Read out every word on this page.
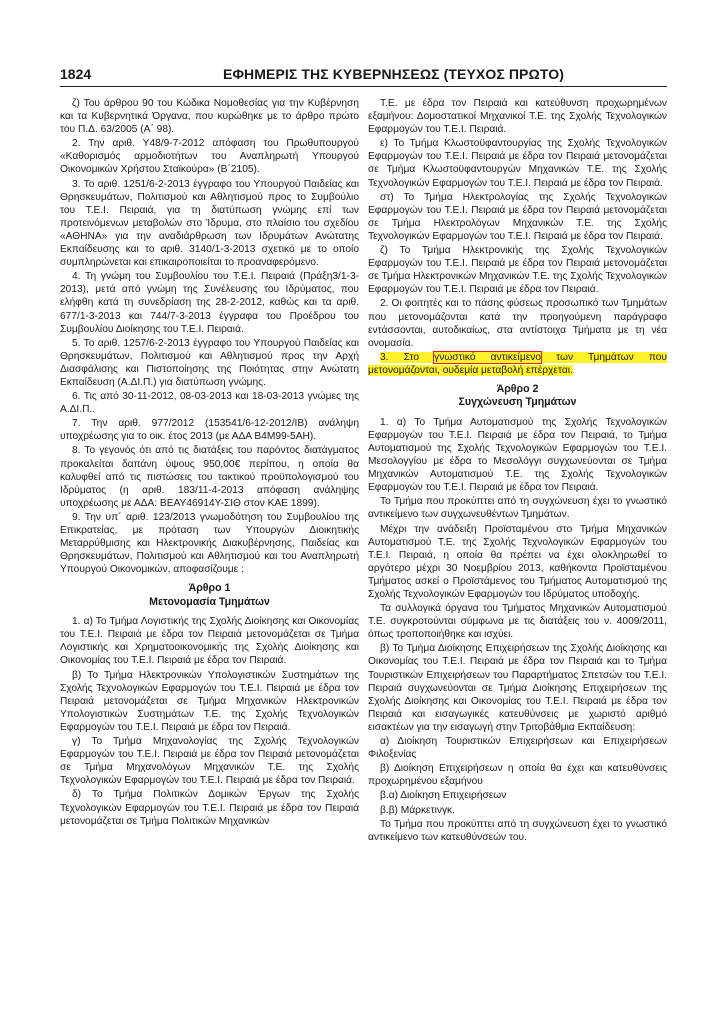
1824	ΕΦΗΜΕΡΙΣ ΤΗΣ ΚΥΒΕΡΝΗΣΕΩΣ (ΤΕΥΧΟΣ ΠΡΩΤΟ)

ζ) Του άρθρου 90 του Κώδικα Νομοθεσίας για την Κυβέρνηση και τα Κυβερνητικά Όργανα, που κυρώθηκε με το άρθρο πρώτο του Π.Δ. 63/2005 (Α΄ 98).

2. Την αριθ. Υ48/9-7-2012 απόφαση του Πρωθυπουργού «Καθορισμός αρμοδιοτήτων του Αναπληρωτή Υπουργού Οικονομικών Χρήστου Σταϊκούρα» (Β΄2105).

3. Το αριθ. 1251/6-2-2013 έγγραφο του Υπουργού Παιδείας και Θρησκευμάτων, Πολιτισμού και Αθλητισμού προς το Συμβούλιο του Τ.Ε.Ι. Πειραιά, για τη διατύπωση γνώμης επί των προτεινόμενων μεταβολών στο Ίδρυμα, στο πλαίσιο του σχεδίου «ΑΘΗΝΑ» για την αναδιάρθρωση των Ιδρυμάτων Ανώτατης Εκπαίδευσης και το αριθ. 3140/1-3-2013 σχετικό με το οποίο συμπληρώνεται και επικαιροποιείται το προαναφερόμενο.

4. Τη γνώμη του Συμβουλίου του Τ.Ε.Ι. Πειραιά (Πράξη3/1-3-2013), μετά από γνώμη της Συνέλευσης του Ιδρύματος, που ελήφθη κατά τη συνεδρίαση της 28-2-2012, καθώς και τα αριθ. 677/1-3-2013 και 744/7-3-2013 έγγραφα του Προέδρου του Συμβουλίου Διοίκησης του Τ.Ε.Ι. Πειραιά.

5. Το αριθ. 1257/6-2-2013 έγγραφο του Υπουργού Παιδείας και Θρησκευμάτων, Πολιτισμού και Αθλητισμού προς την Αρχή Διασφάλισης και Πιστοποίησης της Ποιότητας στην Ανώτατη Εκπαίδευση (Α.ΔΙ.Π.) για διατύπωση γνώμης.

6. Τις από 30-11-2012, 08-03-2013 και 18-03-2013 γνώμες της Α.ΔΙ.Π..

7. Την αριθ. 977/2012 (153541/6-12-2012/ΙΒ) ανάληψη υποχρέωσης για το οικ. έτος 2013 (με ΑΔΑ Β4Μ99-5ΑΗ).

8. Το γεγονός ότι από τις διατάξεις του παρόντος διατάγματος προκαλείται δαπάνη ύψους 950,00€ περίπου, η οποία θα καλυφθεί από τις πιστώσεις του τακτικού προϋπολογισμού του Ιδρύματος (η αριθ. 183/11-4-2013 απόφαση ανάληψης υποχρέωσης με ΑΔΑ: ΒΕΑΥ46914Υ-ΣΙΘ στον ΚΑΕ 1899).

9. Την υπ΄ αριθ. 123/2013 γνωμοδότηση του Συμβουλίου της Επικρατείας, με πρόταση των Υπουργών Διοικητικής Μεταρρύθμισης και Ηλεκτρονικής Διακυβέρνησης, Παιδείας και Θρησκευμάτων, Πολιτισμού και Αθλητισμού και του Αναπληρωτή Υπουργού Οικονομικών, αποφασίζουμε :

Άρθρο 1
Μετονομασία Τμημάτων

1. α) Το Τμήμα Λογιστικής της Σχολής Διοίκησης και Οικονομίας του Τ.Ε.Ι. Πειραιά με έδρα τον Πειραιά μετονομάζεται σε Τμήμα Λογιστικής και Χρηματοοικονομικής της Σχολής Διοίκησης και Οικονομίας του Τ.Ε.Ι. Πειραιά με έδρα τον Πειραιά.

β) Το Τμήμα Ηλεκτρονικών Υπολογιστικών Συστημάτων της Σχολής Τεχνολογικών Εφαρμογών του Τ.Ε.Ι. Πειραιά με έδρα τον Πειραιά μετονομάζεται σε Τμήμα Μηχανικών Ηλεκτρονικών Υπολογιστικών Συστημάτων Τ.Ε. της Σχολής Τεχνολογικών Εφαρμογών του Τ.Ε.Ι. Πειραιά με έδρα τον Πειραιά.

γ) Το Τμήμα Μηχανολογίας της Σχολής Τεχνολογικών Εφαρμογών του Τ.Ε.Ι. Πειραιά με έδρα τον Πειραιά μετονομάζεται σε Τμήμα Μηχανολόγων Μηχανικών Τ.Ε. της Σχολής Τεχνολογικών Εφαρμογών του Τ.Ε.Ι. Πειραιά με έδρα τον Πειραιά.

δ) Το Τμήμα Πολιτικών Δομικών Έργων της Σχολής Τεχνολογικών Εφαρμογών του Τ.Ε.Ι. Πειραιά με έδρα τον Πειραιά μετονομάζεται σε Τμήμα Πολιτικών Μηχανικών

Τ.Ε. με έδρα τον Πειραιά και κατεύθυνση προχωρημένων εξαμήνου: Δομοστατικοί Μηχανικοί Τ.Ε. της Σχολής Τεχνολογικών Εφαρμογών του Τ.Ε.Ι. Πειραιά.

ε) Το Τμήμα Κλωστοϋφαντουργίας της Σχολής Τεχνολογικών Εφαρμογών του Τ.Ε.Ι. Πειραιά με έδρα τον Πειραιά μετονομάζεται σε Τμήμα Κλωστοϋφαντουργών Μηχανικών Τ.Ε. της Σχολής Τεχνολογικών Εφαρμογών του Τ.Ε.Ι. Πειραιά με έδρα τον Πειραιά.

στ) Το Τμήμα Ηλεκτρολογίας της Σχολής Τεχνολογικών Εφαρμογών του Τ.Ε.Ι. Πειραιά με έδρα τον Πειραιά μετονομάζεται σε Τμήμα Ηλεκτρολόγων Μηχανικών Τ.Ε. της Σχολής Τεχνολογικών Εφαρμογών του Τ.Ε.Ι. Πειραιά με έδρα τον Πειραιά.

ζ) Το Τμήμα Ηλεκτρονικής της Σχολής Τεχνολογικών Εφαρμογών του Τ.Ε.Ι. Πειραιά με έδρα τον Πειραιά μετονομάζεται σε Τμήμα Ηλεκτρονικών Μηχανικών Τ.Ε. της Σχολής Τεχνολογικών Εφαρμογών του Τ.Ε.Ι. Πειραιά με έδρα τον Πειραιά.

2. Οι φοιτητές και το πάσης φύσεως προσωπικό των Τμημάτων που μετονομάζονται κατά την προηγούμενη παράγραφο εντάσσονται, αυτοδικαίως, στα αντίστοιχα Τμήματα με τη νέα ονομασία.

3. Στο γνωστικό αντικείμενο των Τμημάτων που μετονομάζονται, ουδεμία μεταβολή επέρχεται.

Άρθρο 2
Συγχώνευση Τμημάτων

1. α) Το Τμήμα Αυτοματισμού της Σχολής Τεχνολογικών Εφαρμογών του Τ.Ε.Ι. Πειραιά με έδρα τον Πειραιά, το Τμήμα Αυτοματισμού της Σχολής Τεχνολογικών Εφαρμογών του Τ.Ε.Ι. Μεσολογγίου με έδρα το Μεσολόγγι συγχωνεύονται σε Τμήμα Μηχανικών Αυτοματισμού Τ.Ε. της Σχολής Τεχνολογικών Εφαρμογών του Τ.Ε.Ι. Πειραιά με έδρα τον Πειραιά.

Το Τμήμα που προκύπτει από τη συγχώνευση έχει το γνωστικό αντικείμενο των συγχωνευθέντων Τμημάτων.

Μέχρι την ανάδειξη Προϊσταμένου στο Τμήμα Μηχανικών Αυτοματισμού Τ.Ε. της Σχολής Τεχνολογικών Εφαρμογών του Τ.Ε.Ι. Πειραιά, η οποία θα πρέπει να έχει ολοκληρωθεί το αργότερο μέχρι 30 Νοεμβρίου 2013, καθήκοντα Προϊσταμένου Τμήματος ασκεί ο Προϊστάμενος του Τμήματος Αυτοματισμού της Σχολής Τεχνολογικών Εφαρμογών του Ιδρύματος υποδοχής.

Τα συλλογικά όργανα του Τμήματος Μηχανικών Αυτοματισμού Τ.Ε. συγκροτούνται σύμφωνα με τις διατάξεις του ν. 4009/2011, όπως τροποποιήθηκε και ισχύει.

β) Το Τμήμα Διοίκησης Επιχειρήσεων της Σχολής Διοίκησης και Οικονομίας του Τ.Ε.Ι. Πειραιά με έδρα τον Πειραιά και το Τμήμα Τουριστικών Επιχειρήσεων του Παραρτήματος Σπετσών του Τ.Ε.Ι. Πειραιά συγχωνεύονται σε Τμήμα Διοίκησης Επιχειρήσεων της Σχολής Διοίκησης και Οικονομίας του Τ.Ε.Ι. Πειραιά με έδρα τον Πειραιά και εισαγωγικές κατευθύνσεις με χωριστό αριθμό εισακτέων για την εισαγωγή στην Τριτοβάθμια Εκπαίδευση:

α) Διοίκηση Τουριστικών Επιχειρήσεων και Επιχειρήσεων Φιλοξενίας

β) Διοίκηση Επιχειρήσεων η οποία θα έχει και κατευθύνσεις προχωρημένου εξαμήνου

β.α) Διοίκηση Επιχειρήσεων

β.β) Μάρκετινγκ.

Το Τμήμα που προκύπτει από τη συγχώνευση έχει το γνωστικό αντικείμενο των κατευθύνσεών του.
